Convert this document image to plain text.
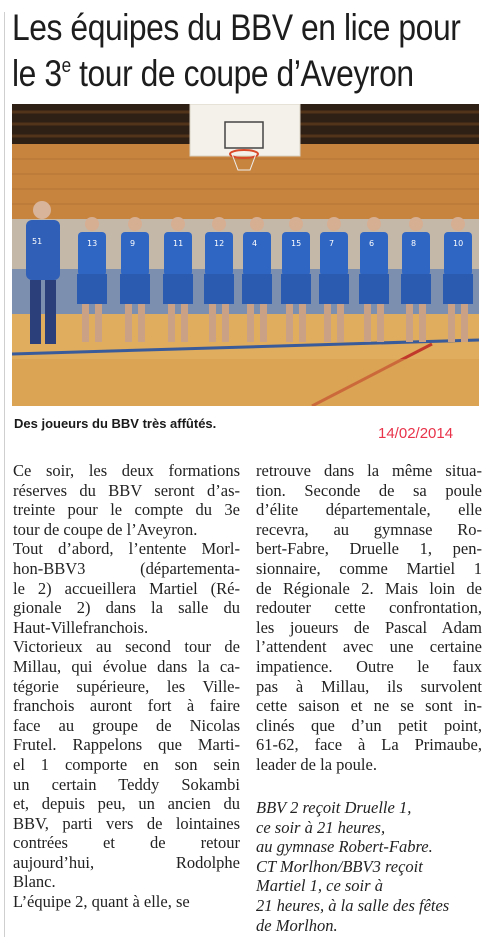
Les équipes du BBV en lice pour
le 3e tour de coupe d’Aveyron
51	13	9	11	12	4	15	7	6	8	10
Des joueurs du BBV très affûtés.
14/02/2014
Ce soir, les deux formations
réserves du BBV seront d’as-
treinte pour le compte du 3e
tour de coupe de l’Aveyron.
Tout d’abord, l’entente Morl-
hon-BBV3 (départementa-
le 2) accueillera Martiel (Ré-
gionale 2) dans la salle du
Haut-Villefranchois.
Victorieux au second tour de
Millau, qui évolue dans la ca-
tégorie supérieure, les Ville-
franchois auront fort à faire
face au groupe de Nicolas
Frutel. Rappelons que Marti-
el 1 comporte en son sein
un certain Teddy Sokambi
et, depuis peu, un ancien du
BBV, parti vers de lointaines
contrées et de retour
aujourd’hui, Rodolphe
Blanc.
L’équipe 2, quant à elle, se
retrouve dans la même situa-
tion. Seconde de sa poule
d’élite départementale, elle
recevra, au gymnase Ro-
bert-Fabre, Druelle 1, pen-
sionnaire, comme Martiel 1
de Régionale 2. Mais loin de
redouter cette confrontation,
les joueurs de Pascal Adam
l’attendent avec une certaine
impatience. Outre le faux
pas à Millau, ils survolent
cette saison et ne se sont in-
clinés que d’un petit point,
61-62, face à La Primaube,
leader de la poule.
BBV 2 reçoit Druelle 1,
ce soir à 21 heures,
au gymnase Robert-Fabre.
CT Morlhon/BBV3 reçoit
Martiel 1, ce soir à
21 heures, à la salle des fêtes
de Morlhon.
